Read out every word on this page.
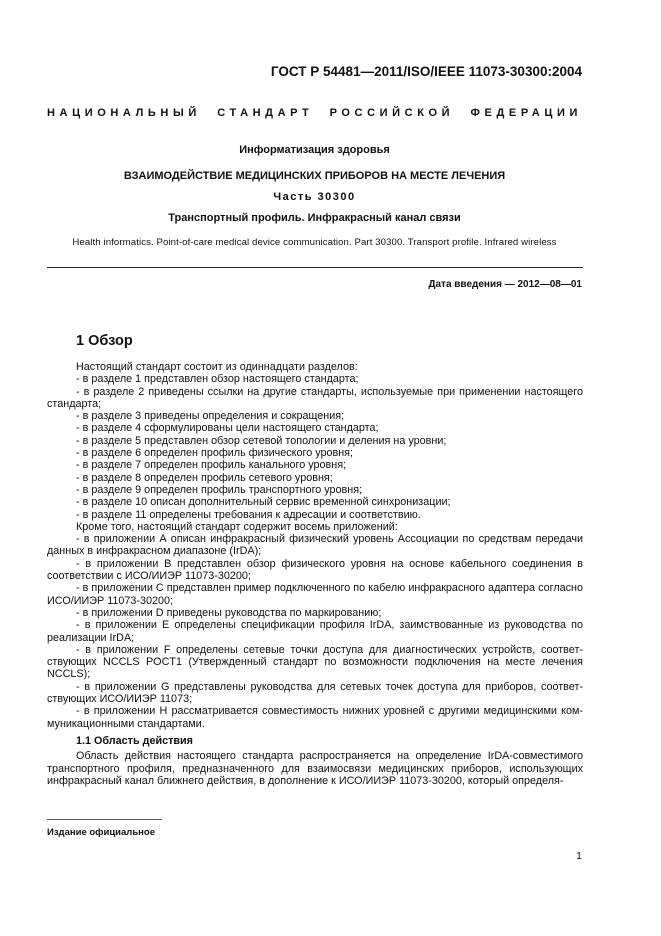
ГОСТ Р 54481—2011/ISO/IEEE 11073-30300:2004
НАЦИОНАЛЬНЫЙ СТАНДАРТ РОССИЙСКОЙ ФЕДЕРАЦИИ
Информатизация здоровья
ВЗАИМОДЕЙСТВИЕ МЕДИЦИНСКИХ ПРИБОРОВ НА МЕСТЕ ЛЕЧЕНИЯ
Часть 30300
Транспортный профиль. Инфракрасный канал связи
Health informatics. Point-of-care medical device communication. Part 30300. Transport profile. Infrared wireless
Дата введения — 2012—08—01
1 Обзор

Настоящий стандарт состоит из одиннадцати разделов:

- в разделе 1 представлен обзор настоящего стандарта;

- в разделе 2 приведены ссылки на другие стандарты, используемые при применении настоящего стандарта;

- в разделе 3 приведены определения и сокращения;

- в разделе 4 сформулированы цели настоящего стандарта;

- в разделе 5 представлен обзор сетевой топологии и деления на уровни;

- в разделе 6 определен профиль физического уровня;

- в разделе 7 определен профиль канального уровня;

- в разделе 8 определен профиль сетевого уровня;

- в разделе 9 определен профиль транспортного уровня;

- в разделе 10 описан дополнительный сервис временной синхронизации;

- в разделе 11 определены требования к адресации и соответствию.

Кроме того, настоящий стандарт содержит восемь приложений:

- в приложении А описан инфракрасный физический уровень Ассоциации по средствам передачи данных в инфракрасном диапазоне (IrDA);

- в приложении В представлен обзор физического уровня на основе кабельного соединения в соответствии с ИСО/ИИЭР 11073-30200;

- в приложении С представлен пример подключенного по кабелю инфракрасного адаптера согласно ИСО/ИИЭР 11073-30200;

- в приложении D приведены руководства по маркированию;

- в приложении Е определены спецификации профиля IrDA, заимствованные из руководства по реализации IrDA;

- в приложении F определены сетевые точки доступа для диагностических устройств, соответ-ствующих NCCLS POCT1 (Утвержденный стандарт по возможности подключения на месте лечения NCCLS);

- в приложении G представлены руководства для сетевых точек доступа для приборов, соответ-ствующих ИСО/ИИЭР 11073;

- в приложении Н рассматривается совместимость нижних уровней с другими медицинскими ком-муникационными стандартами.

1.1 Область действия

Область действия настоящего стандарта распространяется на определение IrDA-совместимого транспортного профиля, предназначенного для взаимосвязи медицинских приборов, использующих инфракрасный канал ближнего действия, в дополнение к ИСО/ИИЭР 11073-30200, который определя-

Издание официальное
1
